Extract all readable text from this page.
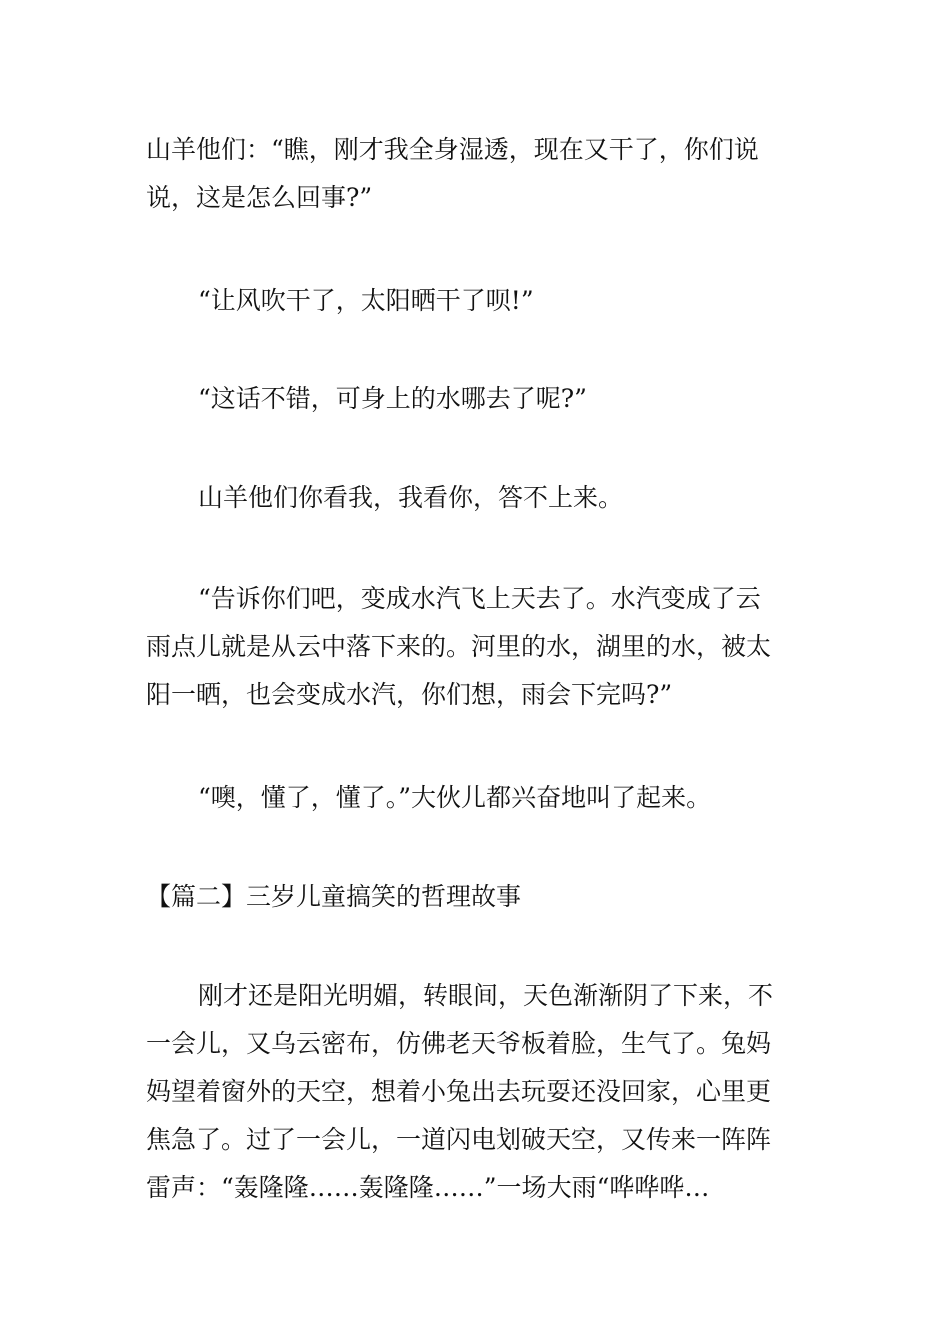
山羊他们：“瞧，刚才我全身湿透，现在又干了，你们说
说，这是怎么回事?”
“让风吹干了，太阳晒干了呗!”
“这话不错，可身上的水哪去了呢?”
山羊他们你看我，我看你，答不上来。
“告诉你们吧，变成水汽飞上天去了。水汽变成了云
雨点儿就是从云中落下来的。河里的水，湖里的水，被太
阳一晒，也会变成水汽，你们想，雨会下完吗?”
“噢，懂了，懂了。”大伙儿都兴奋地叫了起来。
【篇二】三岁儿童搞笑的哲理故事
刚才还是阳光明媚，转眼间，天色渐渐阴了下来，不
一会儿，又乌云密布，仿佛老天爷板着脸，生气了。兔妈
妈望着窗外的天空，想着小兔出去玩耍还没回家，心里更
焦急了。过了一会儿，一道闪电划破天空，又传来一阵阵
雷声：“轰隆隆……轰隆隆……”一场大雨“哗哗哗…
